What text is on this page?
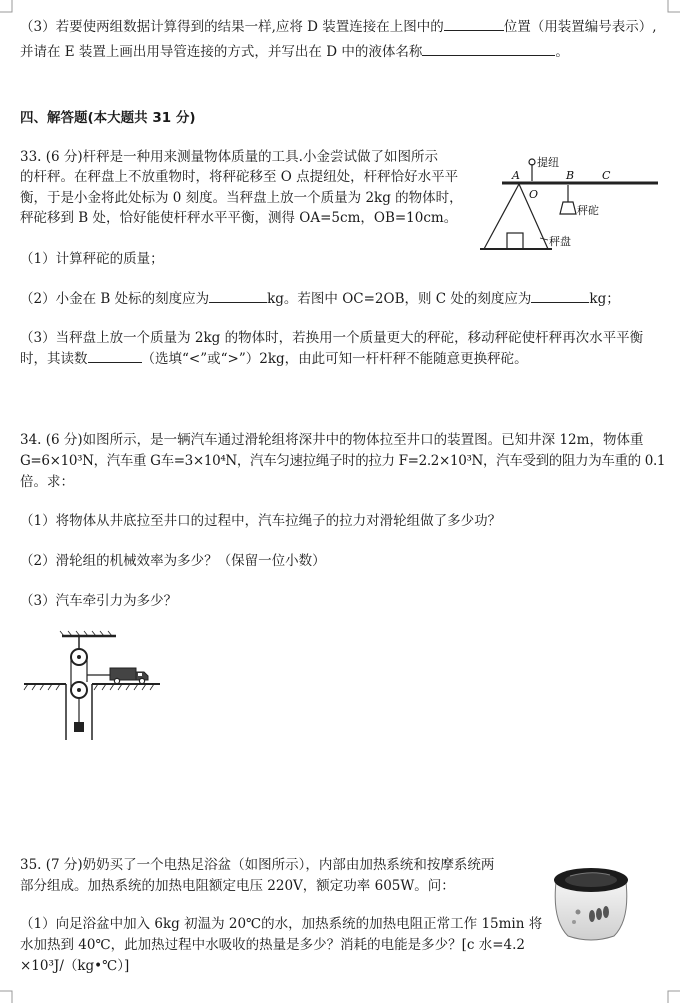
（3）若要使两组数据计算得到的结果一样,应将 D 装置连接在上图中的	位置（用装置编号表示）,
并请在 E 装置上画出用导管连接的方式，并写出在 D 中的液体名称	。
四、解答题(本大题共 31 分)
33. (6 分)杆秤是一种用来测量物体质量的工具.小金尝试做了如图所示
的杆秤。在秤盘上不放重物时，将秤砣移至 O 点提纽处，杆秤恰好水平平
衡，于是小金将此处标为 0 刻度。当秤盘上放一个质量为 2kg 的物体时，
秤砣移到 B 处，恰好能使杆秤水平平衡，测得 OA=5cm，OB=10cm。
提纽
A
O
B	C
秤砣
秤盘
（1）计算秤砣的质量；
（2）小金在 B 处标的刻度应为	kg。若图中 OC=2OB，则 C 处的刻度应为	kg；
（3）当秤盘上放一个质量为 2kg 的物体时，若换用一个质量更大的秤砣，移动秤砣使杆秤再次水平平衡
时，其读数	（选填“<”或“>”）2kg，由此可知一杆杆秤不能随意更换秤砣。
34. (6 分)如图所示，是一辆汽车通过滑轮组将深井中的物体拉至井口的装置图。已知井深 12m，物体重
G=6×10³N，汽车重 G车=3×10⁴N，汽车匀速拉绳子时的拉力 F=2.2×10³N，汽车受到的阻力为车重的 0.1
倍。求：
（1）将物体从井底拉至井口的过程中，汽车拉绳子的拉力对滑轮组做了多少功？
（2）滑轮组的机械效率为多少？（保留一位小数）
（3）汽车牵引力为多少？
35. (7 分)奶奶买了一个电热足浴盆（如图所示），内部由加热系统和按摩系统两
部分组成。加热系统的加热电阻额定电压 220V，额定功率 605W。问：
（1）向足浴盆中加入 6kg 初温为 20℃的水，加热系统的加热电阻正常工作 15min 将
水加热到 40℃，此加热过程中水吸收的热量是多少？消耗的电能是多少？[c 水=4.2
×10³J/（kg•℃）]
